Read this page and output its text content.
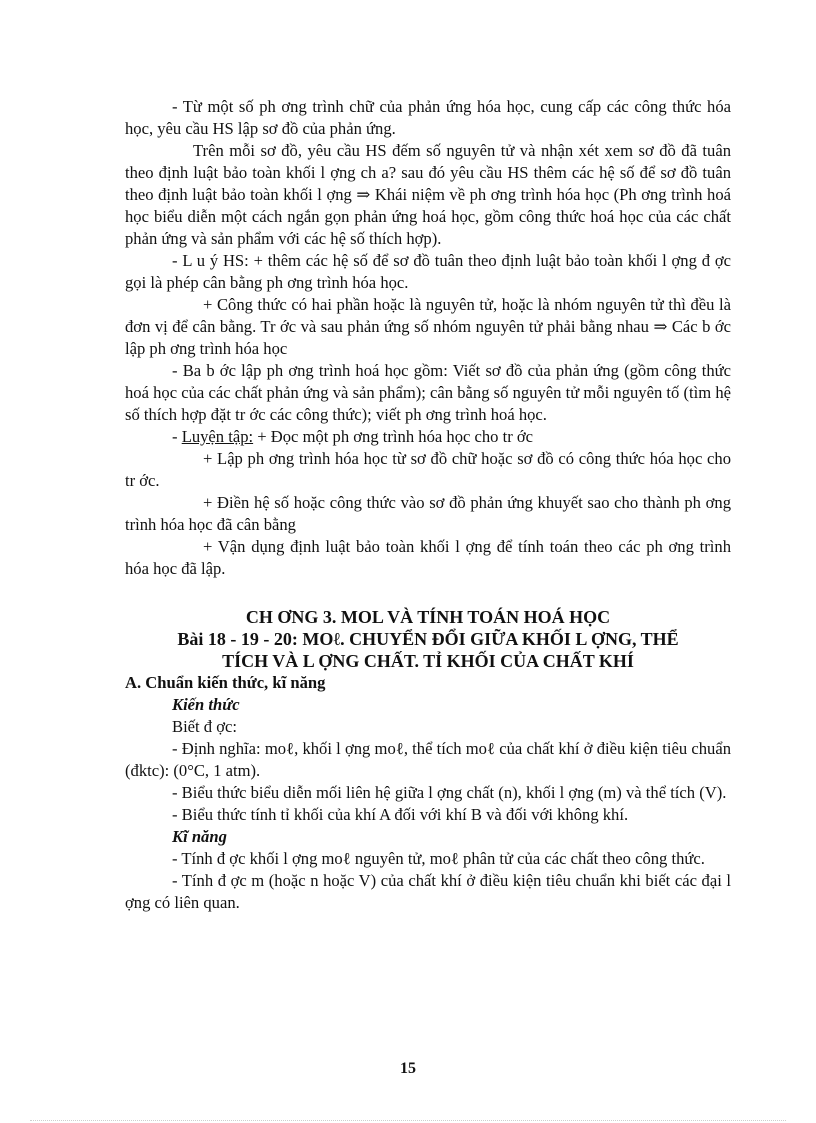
- Từ một số ph ơng trình chữ của phản ứng hóa học, cung cấp các công thức hóa học, yêu cầu HS lập sơ đồ của phản ứng.

Trên mỗi sơ đồ, yêu cầu HS đếm số nguyên tử và nhận xét xem sơ đồ đã tuân theo định luật bảo toàn khối l ợng ch a? sau đó yêu cầu HS thêm các hệ số để sơ đồ tuân theo định luật bảo toàn khối l ợng ⇒ Khái niệm về ph ơng trình hóa học (Ph ơng trình hoá học biểu diễn một cách ngắn gọn phản ứng hoá học, gồm công thức hoá học của các chất phản ứng và sản phẩm với các hệ số thích hợp).

- L u ý HS: + thêm các hệ số để sơ đồ tuân theo định luật bảo toàn khối l ợng đ ợc gọi là phép cân bằng ph ơng trình hóa học.

+ Công thức có hai phần hoặc là nguyên tử, hoặc là nhóm nguyên tử thì đều là đơn vị để cân bằng. Tr ớc và sau phản ứng số nhóm nguyên tử phải bằng nhau ⇒ Các b ớc lập ph ơng trình hóa học

- Ba b ớc lập ph ơng trình hoá học gồm: Viết sơ đồ của phản ứng (gồm công thức hoá học của các chất phản ứng và sản phẩm); cân bằng số nguyên tử mỗi nguyên tố (tìm hệ số thích hợp đặt tr ớc các công thức); viết ph ơng trình hoá học.

- Luyện tập: + Đọc một ph ơng trình hóa học cho tr ớc

+ Lập ph ơng trình hóa học từ sơ đồ chữ hoặc sơ đồ có công thức hóa học cho tr ớc.

+ Điền hệ số hoặc công thức vào sơ đồ phản ứng khuyết sao cho thành ph ơng trình hóa học đã cân bằng

+ Vận dụng định luật bảo toàn khối l ợng để tính toán theo các ph ơng trình hóa học đã lập.

CH ƠNG 3. MOL VÀ TÍNH TOÁN HOÁ HỌC

Bài 18 - 19 - 20: MOℓ. CHUYỂN ĐỔI GIỮA KHỐI L ỢNG, THỂ
TÍCH VÀ L ỢNG CHẤT. TỈ KHỐI CỦA CHẤT KHÍ

A. Chuẩn kiến thức, kĩ năng

Kiến thức

Biết đ ợc:

- Định nghĩa: moℓ, khối l ợng moℓ, thể tích moℓ của chất khí ở điều kiện tiêu chuẩn (đktc): (0°C, 1 atm).

- Biểu thức biểu diễn mối liên hệ giữa l ợng chất (n), khối l ợng (m) và thể tích (V).

- Biểu thức tính tỉ khối của khí A đối với khí B và đối với không khí.

Kĩ năng

- Tính đ ợc khối l ợng moℓ nguyên tử, moℓ phân tử của các chất theo công thức.

- Tính đ ợc m (hoặc n hoặc V) của chất khí ở điều kiện tiêu chuẩn khi biết các đại l ợng có liên quan.

15
